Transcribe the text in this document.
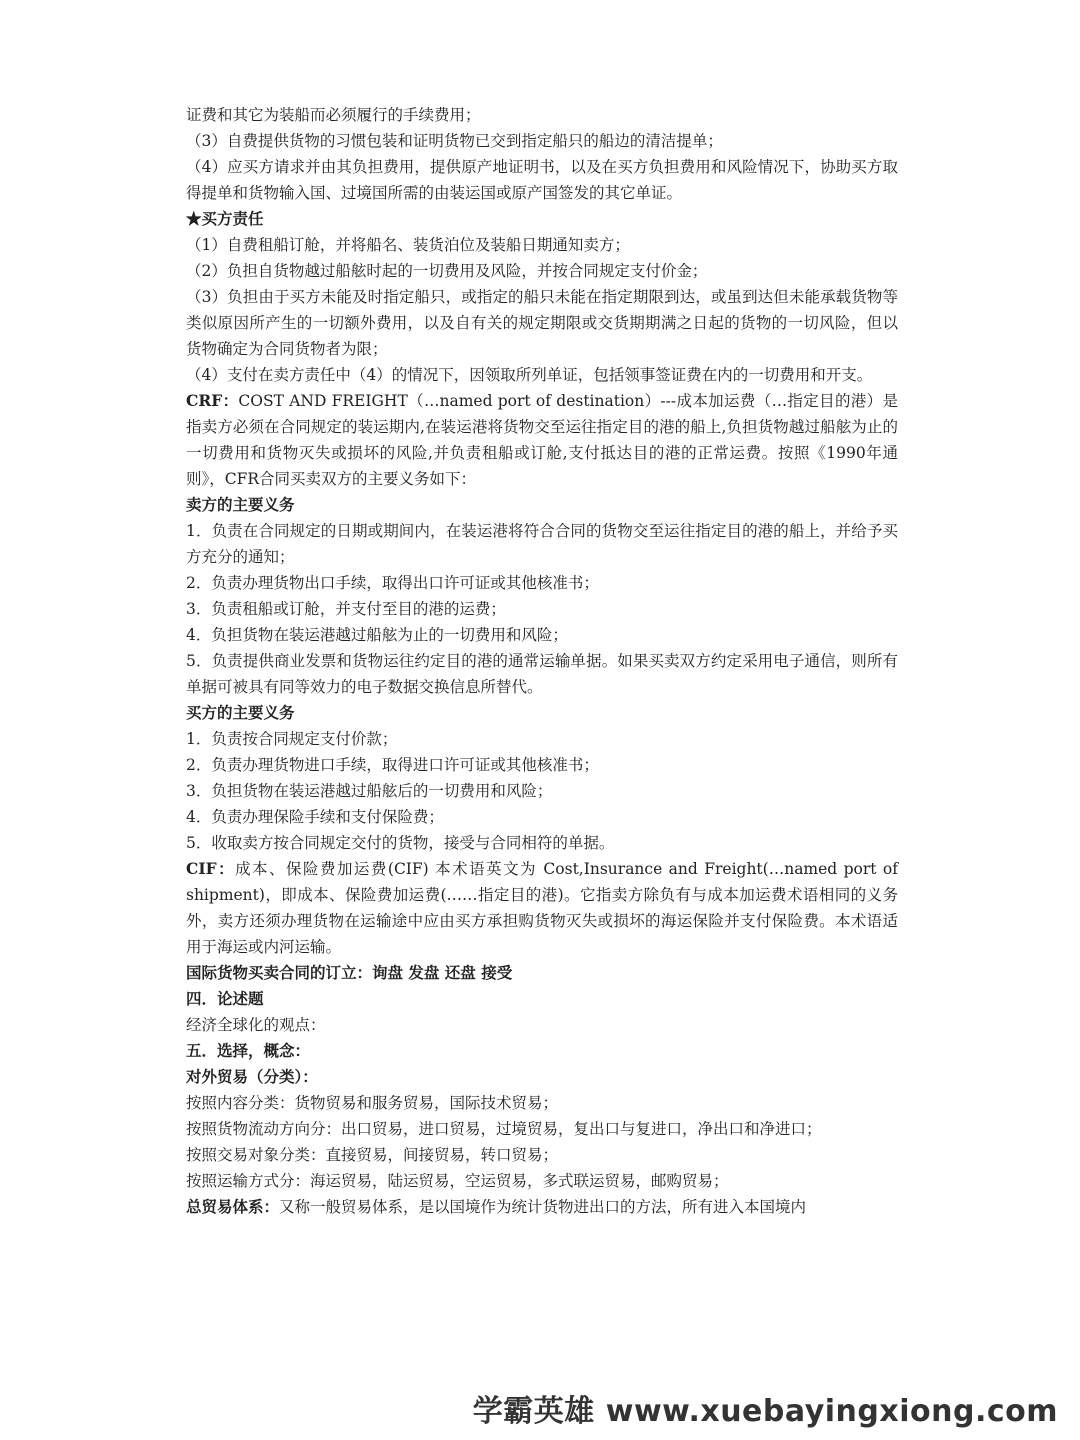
证费和其它为装船而必须履行的手续费用；

（3）自费提供货物的习惯包装和证明货物已交到指定船只的船边的清洁提单；

（4）应买方请求并由其负担费用，提供原产地证明书，以及在买方负担费用和风险情况下，协助买方取得提单和货物输入国、过境国所需的由装运国或原产国签发的其它单证。

★买方责任

（1）自费租船订舱，并将船名、装货泊位及装船日期通知卖方；

（2）负担自货物越过船舷时起的一切费用及风险，并按合同规定支付价金；

（3）负担由于买方未能及时指定船只，或指定的船只未能在指定期限到达，或虽到达但未能承载货物等类似原因所产生的一切额外费用，以及自有关的规定期限或交货期期满之日起的货物的一切风险，但以货物确定为合同货物者为限；

（4）支付在卖方责任中（4）的情况下，因领取所列单证，包括领事签证费在内的一切费用和开支。

CRF：COST AND FREIGHT（…named port of destination）---成本加运费（…指定目的港）是指卖方必须在合同规定的装运期内,在装运港将货物交至运往指定目的港的船上,负担货物越过船舷为止的一切费用和货物灭失或损坏的风险,并负责租船或订舱,支付抵达目的港的正常运费。按照《1990年通则》，CFR合同买卖双方的主要义务如下：

卖方的主要义务

1．负责在合同规定的日期或期间内，在装运港将符合合同的货物交至运往指定目的港的船上，并给予买方充分的通知；

2．负责办理货物出口手续，取得出口许可证或其他核准书；

3．负责租船或订舱，并支付至目的港的运费；

4．负担货物在装运港越过船舷为止的一切费用和风险；

5．负责提供商业发票和货物运往约定目的港的通常运输单据。如果买卖双方约定采用电子通信，则所有单据可被具有同等效力的电子数据交换信息所替代。

买方的主要义务

1．负责按合同规定支付价款；

2．负责办理货物进口手续，取得进口许可证或其他核准书；

3．负担货物在装运港越过船舷后的一切费用和风险；

4．负责办理保险手续和支付保险费；

5．收取卖方按合同规定交付的货物，接受与合同相符的单据。

CIF：成本、保险费加运费(CIF) 本术语英文为 Cost,Insurance and Freight(…named port of shipment)，即成本、保险费加运费(……指定目的港)。它指卖方除负有与成本加运费术语相同的义务外，卖方还须办理货物在运输途中应由买方承担购货物灭失或损坏的海运保险并支付保险费。本术语适用于海运或内河运输。

国际货物买卖合同的订立：询盘 发盘 还盘 接受

四．论述题

经济全球化的观点：

五．选择，概念：

对外贸易（分类）：

按照内容分类：货物贸易和服务贸易，国际技术贸易；

按照货物流动方向分：出口贸易，进口贸易，过境贸易，复出口与复进口，净出口和净进口；

按照交易对象分类：直接贸易，间接贸易，转口贸易；

按照运输方式分：海运贸易，陆运贸易，空运贸易，多式联运贸易，邮购贸易；

总贸易体系：又称一般贸易体系，是以国境作为统计货物进出口的方法，所有进入本国境内

学霸英雄 www.xuebayingxiong.com
